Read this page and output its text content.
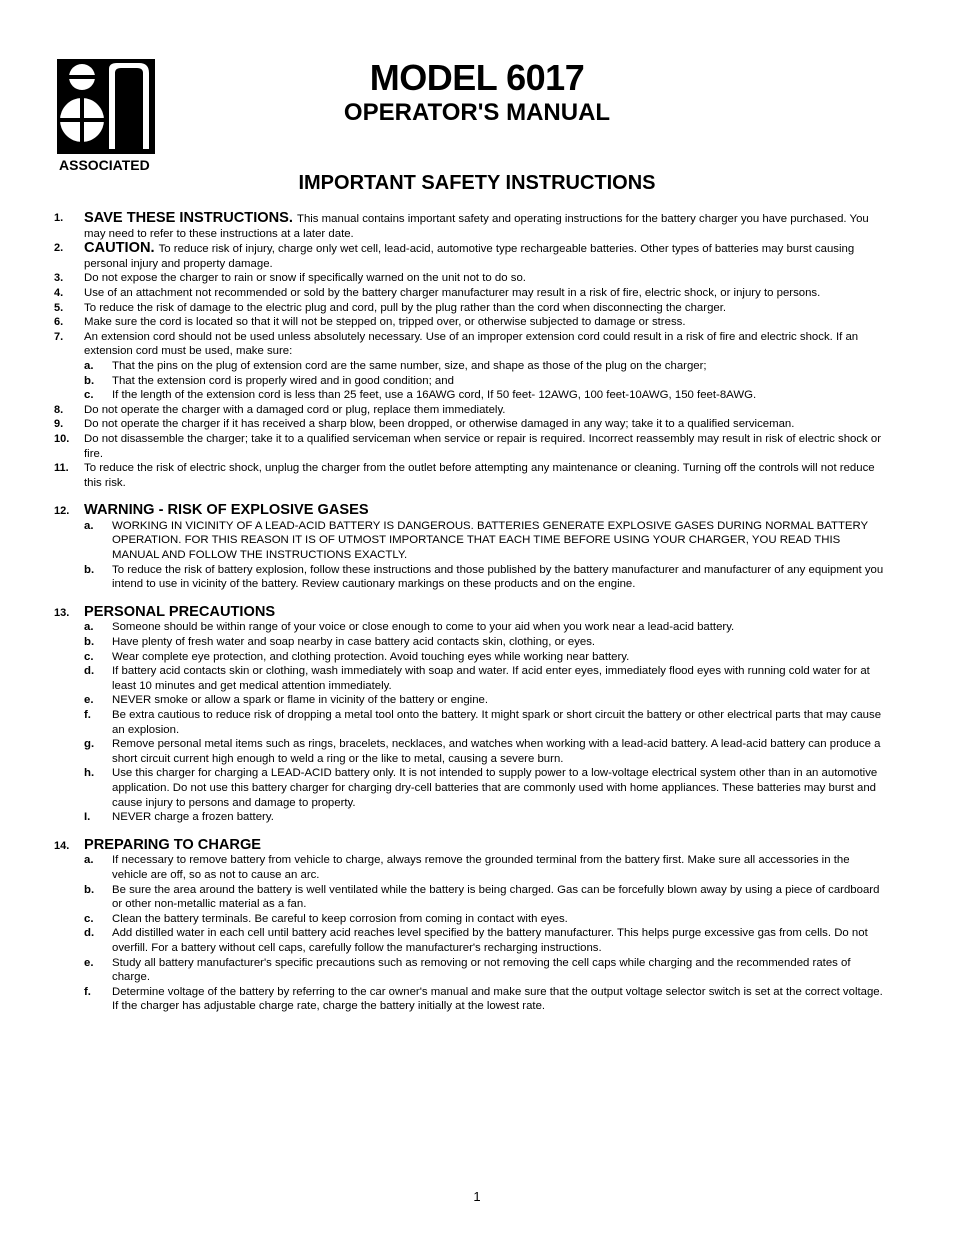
ASSOCIATED
MODEL 6017
OPERATOR'S MANUAL
IMPORTANT SAFETY INSTRUCTIONS
1. SAVE THESE INSTRUCTIONS. This manual contains important safety and operating instructions for the battery charger you have purchased. You may need to refer to these instructions at a later date.
2. CAUTION. To reduce risk of injury, charge only wet cell, lead-acid, automotive type rechargeable batteries. Other types of batteries may burst causing personal injury and property damage.
3. Do not expose the charger to rain or snow if specifically warned on the unit not to do so.
4. Use of an attachment not recommended or sold by the battery charger manufacturer may result in a risk of fire, electric shock, or injury to persons.
5. To reduce the risk of damage to the electric plug and cord, pull by the plug rather than the cord when disconnecting the charger.
6. Make sure the cord is located so that it will not be stepped on, tripped over, or otherwise subjected to damage or stress.
7. An extension cord should not be used unless absolutely necessary. Use of an improper extension cord could result in a risk of fire and electric shock. If an extension cord must be used, make sure:
a. That the pins on the plug of extension cord are the same number, size, and shape as those of the plug on the charger;
b. That the extension cord is properly wired and in good condition; and
c. If the length of the extension cord is less than 25 feet, use a 16AWG cord, If 50 feet- 12AWG, 100 feet-10AWG, 150 feet-8AWG.
8. Do not operate the charger with a damaged cord or plug, replace them immediately.
9. Do not operate the charger if it has received a sharp blow, been dropped, or otherwise damaged in any way; take it to a qualified serviceman.
10. Do not disassemble the charger; take it to a qualified serviceman when service or repair is required. Incorrect reassembly may result in risk of electric shock or fire.
11. To reduce the risk of electric shock, unplug the charger from the outlet before attempting any maintenance or cleaning. Turning off the controls will not reduce this risk.
12. WARNING - RISK OF EXPLOSIVE GASES
a. WORKING IN VICINITY OF A LEAD-ACID BATTERY IS DANGEROUS. BATTERIES GENERATE EXPLOSIVE GASES DURING NORMAL BATTERY OPERATION. FOR THIS REASON IT IS OF UTMOST IMPORTANCE THAT EACH TIME BEFORE USING YOUR CHARGER, YOU READ THIS MANUAL AND FOLLOW THE INSTRUCTIONS EXACTLY.
b. To reduce the risk of battery explosion, follow these instructions and those published by the battery manufacturer and manufacturer of any equipment you intend to use in vicinity of the battery. Review cautionary markings on these products and on the engine.
13. PERSONAL PRECAUTIONS
a. Someone should be within range of your voice or close enough to come to your aid when you work near a lead-acid battery.
b. Have plenty of fresh water and soap nearby in case battery acid contacts skin, clothing, or eyes.
c. Wear complete eye protection, and clothing protection. Avoid touching eyes while working near battery.
d. If battery acid contacts skin or clothing, wash immediately with soap and water. If acid enter eyes, immediately flood eyes with running cold water for at least 10 minutes and get medical attention immediately.
e. NEVER smoke or allow a spark or flame in vicinity of the battery or engine.
f. Be extra cautious to reduce risk of dropping a metal tool onto the battery. It might spark or short circuit the battery or other electrical parts that may cause an explosion.
g. Remove personal metal items such as rings, bracelets, necklaces, and watches when working with a lead-acid battery. A lead-acid battery can produce a short circuit current high enough to weld a ring or the like to metal, causing a severe burn.
h. Use this charger for charging a LEAD-ACID battery only. It is not intended to supply power to a low-voltage electrical system other than in an automotive application. Do not use this battery charger for charging dry-cell batteries that are commonly used with home appliances. These batteries may burst and cause injury to persons and damage to property.
I. NEVER charge a frozen battery.
14. PREPARING TO CHARGE
a. If necessary to remove battery from vehicle to charge, always remove the grounded terminal from the battery first. Make sure all accessories in the vehicle are off, so as not to cause an arc.
b. Be sure the area around the battery is well ventilated while the battery is being charged. Gas can be forcefully blown away by using a piece of cardboard or other non-metallic material as a fan.
c. Clean the battery terminals. Be careful to keep corrosion from coming in contact with eyes.
d. Add distilled water in each cell until battery acid reaches level specified by the battery manufacturer. This helps purge excessive gas from cells. Do not overfill. For a battery without cell caps, carefully follow the manufacturer's recharging instructions.
e. Study all battery manufacturer's specific precautions such as removing or not removing the cell caps while charging and the recommended rates of charge.
f. Determine voltage of the battery by referring to the car owner's manual and make sure that the output voltage selector switch is set at the correct voltage. If the charger has adjustable charge rate, charge the battery initially at the lowest rate.
1
